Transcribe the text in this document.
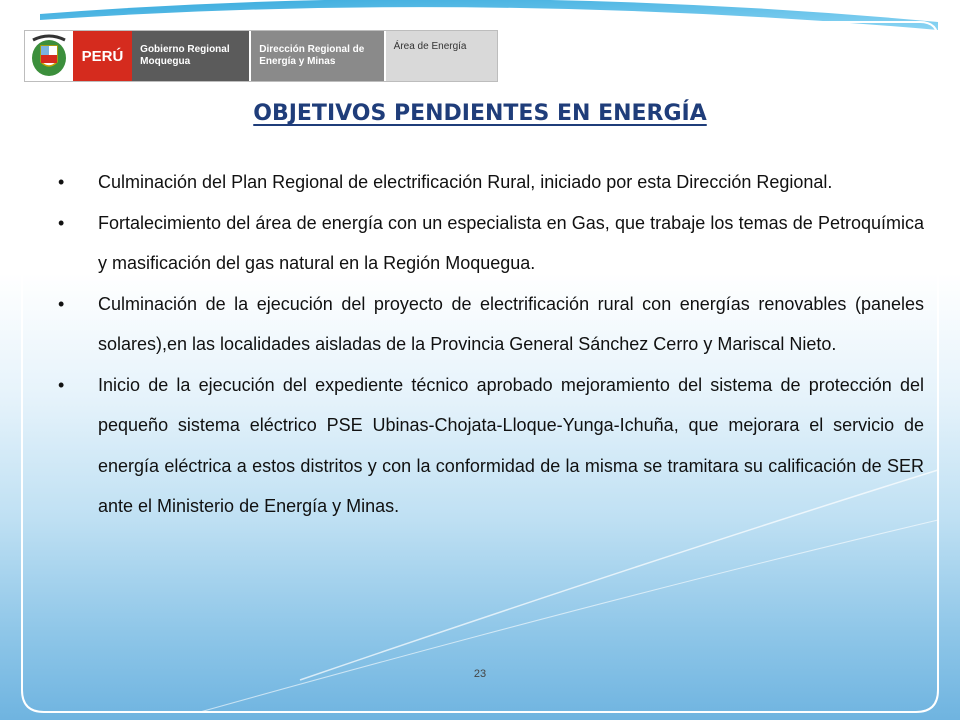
PERÚ	Gobierno Regional Moquegua
Dirección Regional de Energía y Minas
Área de Energía
OBJETIVOS PENDIENTES EN ENERGÍA
• Culminación del Plan Regional de electrificación Rural, iniciado por esta Dirección Regional.
• Fortalecimiento del área de energía con un especialista en Gas, que trabaje los temas de Petroquímica y masificación del gas natural en la Región Moquegua.
• Culminación de la ejecución del proyecto de electrificación rural con energías renovables (paneles solares),en las localidades aisladas de la Provincia General Sánchez Cerro y Mariscal Nieto.
• Inicio de la ejecución del expediente técnico aprobado mejoramiento del sistema de protección del pequeño sistema eléctrico PSE Ubinas-Chojata-Lloque-Yunga-Ichuña, que mejorara el servicio de energía eléctrica a estos distritos y con la conformidad de la misma se tramitara su calificación de SER ante el Ministerio de Energía y Minas.
23
